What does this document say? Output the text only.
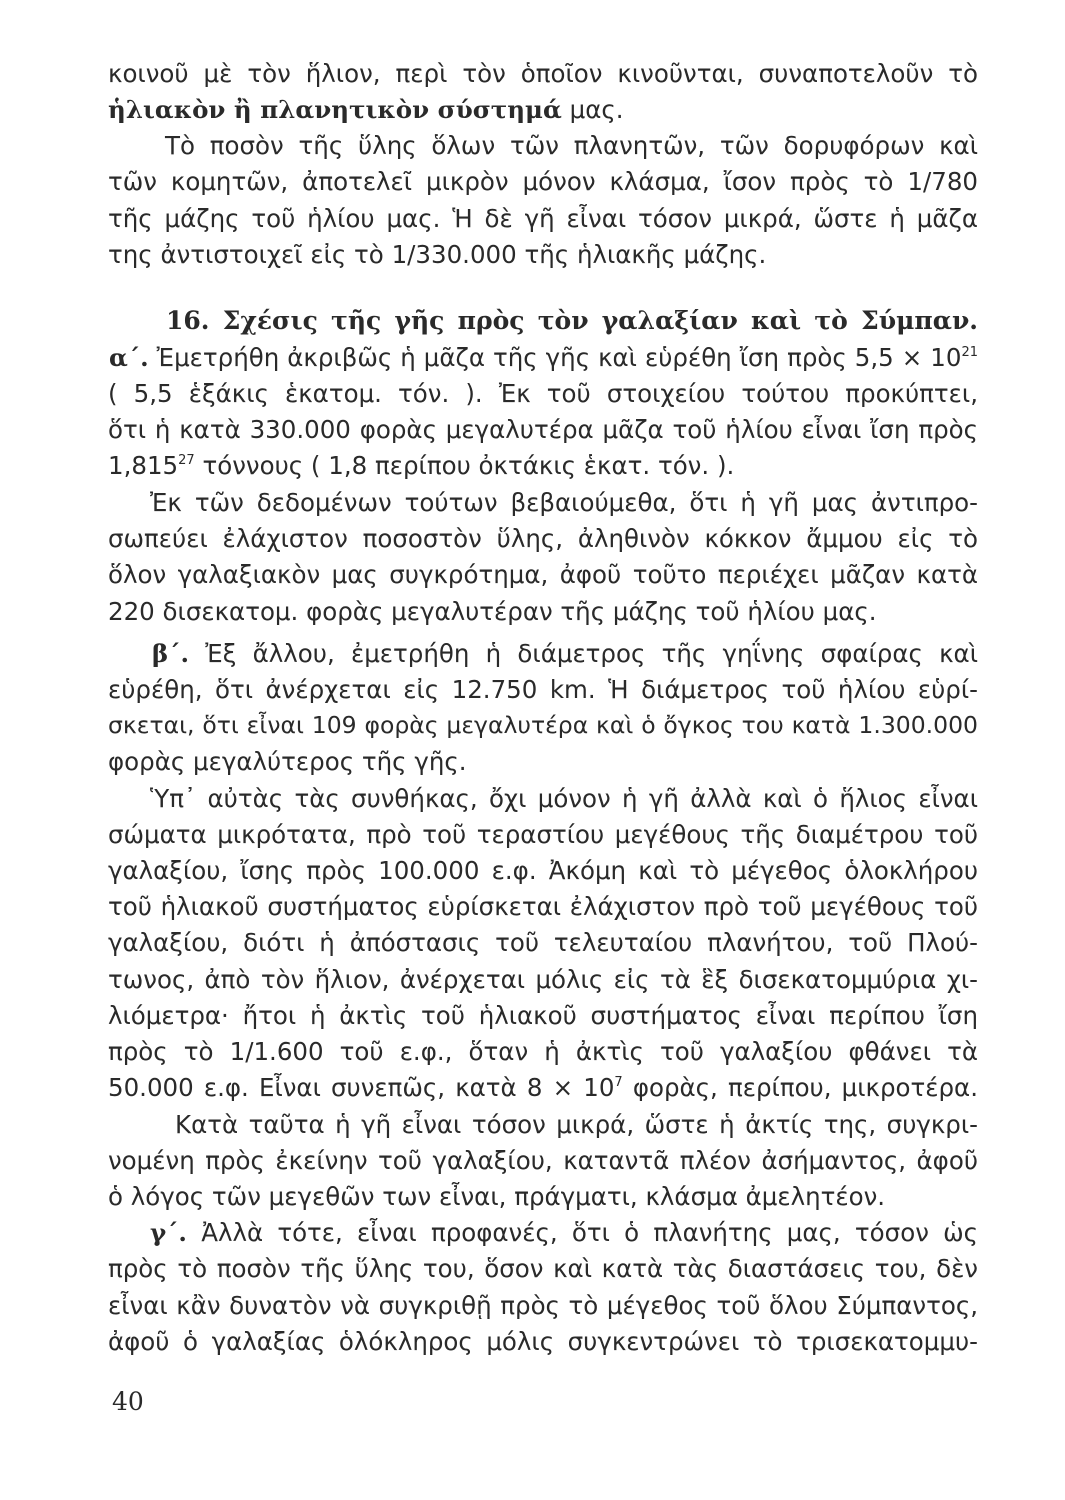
κοινοῦ μὲ τὸν ἥλιον, περὶ τὸν ὁποῖον κινοῦνται, συναποτελοῦν τὸ
ἡλιακὸν ἢ πλανητικὸν σύστημά μας.
Τὸ ποσὸν τῆς ὕλης ὅλων τῶν πλανητῶν, τῶν δορυφόρων καὶ
τῶν κομητῶν, ἀποτελεῖ μικρὸν μόνον κλάσμα, ἴσον πρὸς τὸ 1/780
τῆς μάζης τοῦ ἡλίου μας. Ἡ δὲ γῆ εἶναι τόσον μικρά, ὥστε ἡ μᾶζα
της ἀντιστοιχεῖ εἰς τὸ 1/330.000 τῆς ἡλιακῆς μάζης.
16. Σχέσις τῆς γῆς πρὸς τὸν γαλαξίαν καὶ τὸ Σύμπαν.
α΄. Ἐμετρήθη ἀκριβῶς ἡ μᾶζα τῆς γῆς καὶ εὑρέθη ἴση πρὸς $5,5 \times 10^{21}$
( 5,5 ἑξάκις ἑκατομ. τόν. ). Ἐκ τοῦ στοιχείου τούτου προκύπτει,
ὅτι ἡ κατὰ 330.000 φορὰς μεγαλυτέρα μᾶζα τοῦ ἡλίου εἶναι ἴση πρὸς
1,815$^{27}$ τόννους ( 1,8 περίπου ὀκτάκις ἑκατ. τόν. ).
Ἐκ τῶν δεδομένων τούτων βεβαιούμεθα, ὅτι ἡ γῆ μας ἀντιπρο-
σωπεύει ἐλάχιστον ποσοστὸν ὕλης, ἀληθινὸν κόκκον ἄμμου εἰς τὸ
ὅλον γαλαξιακὸν μας συγκρότημα, ἀφοῦ τοῦτο περιέχει μᾶζαν κατὰ
220 δισεκατομ. φορὰς μεγαλυτέραν τῆς μάζης τοῦ ἡλίου μας.
β΄. Ἐξ ἄλλου, ἐμετρήθη ἡ διάμετρος τῆς γηΐνης σφαίρας καὶ
εὑρέθη, ὅτι ἀνέρχεται εἰς 12.750 km. Ἡ διάμετρος τοῦ ἡλίου εὑρί-
σκεται, ὅτι εἶναι 109 φορὰς μεγαλυτέρα καὶ ὁ ὄγκος του κατὰ 1.300.000
φορὰς μεγαλύτερος τῆς γῆς.
Ὑπ᾿ αὐτὰς τὰς συνθήκας, ὄχι μόνον ἡ γῆ ἀλλὰ καὶ ὁ ἥλιος εἶναι
σώματα μικρότατα, πρὸ τοῦ τεραστίου μεγέθους τῆς διαμέτρου τοῦ
γαλαξίου, ἴσης πρὸς 100.000 ε.φ. Ἀκόμη καὶ τὸ μέγεθος ὁλοκλήρου
τοῦ ἡλιακοῦ συστήματος εὑρίσκεται ἐλάχιστον πρὸ τοῦ μεγέθους τοῦ
γαλαξίου, διότι ἡ ἀπόστασις τοῦ τελευταίου πλανήτου, τοῦ Πλού-
τωνος, ἀπὸ τὸν ἥλιον, ἀνέρχεται μόλις εἰς τὰ ἓξ δισεκατομμύρια χι-
λιόμετρα· ἤτοι ἡ ἀκτὶς τοῦ ἡλιακοῦ συστήματος εἶναι περίπου ἴση
πρὸς τὸ 1/1.600 τοῦ ε.φ., ὅταν ἡ ἀκτὶς τοῦ γαλαξίου φθάνει τὰ
50.000 ε.φ. Εἶναι συνεπῶς, κατὰ $8 \times 10^7$ φορὰς, περίπου, μικροτέρα.
Κατὰ ταῦτα ἡ γῆ εἶναι τόσον μικρά, ὥστε ἡ ἀκτίς της, συγκρι-
νομένη πρὸς ἐκείνην τοῦ γαλαξίου, καταντᾶ πλέον ἀσήμαντος, ἀφοῦ
ὁ λόγος τῶν μεγεθῶν των εἶναι, πράγματι, κλάσμα ἀμελητέον.
γ΄. Ἀλλὰ τότε, εἶναι προφανές, ὅτι ὁ πλανήτης μας, τόσον ὡς
πρὸς τὸ ποσὸν τῆς ὕλης του, ὅσον καὶ κατὰ τὰς διαστάσεις του, δὲν
εἶναι κἂν δυνατὸν νὰ συγκριθῇ πρὸς τὸ μέγεθος τοῦ ὅλου Σύμπαντος,
ἀφοῦ ὁ γαλαξίας ὁλόκληρος μόλις συγκεντρώνει τὸ τρισεκατομμυ-
40
